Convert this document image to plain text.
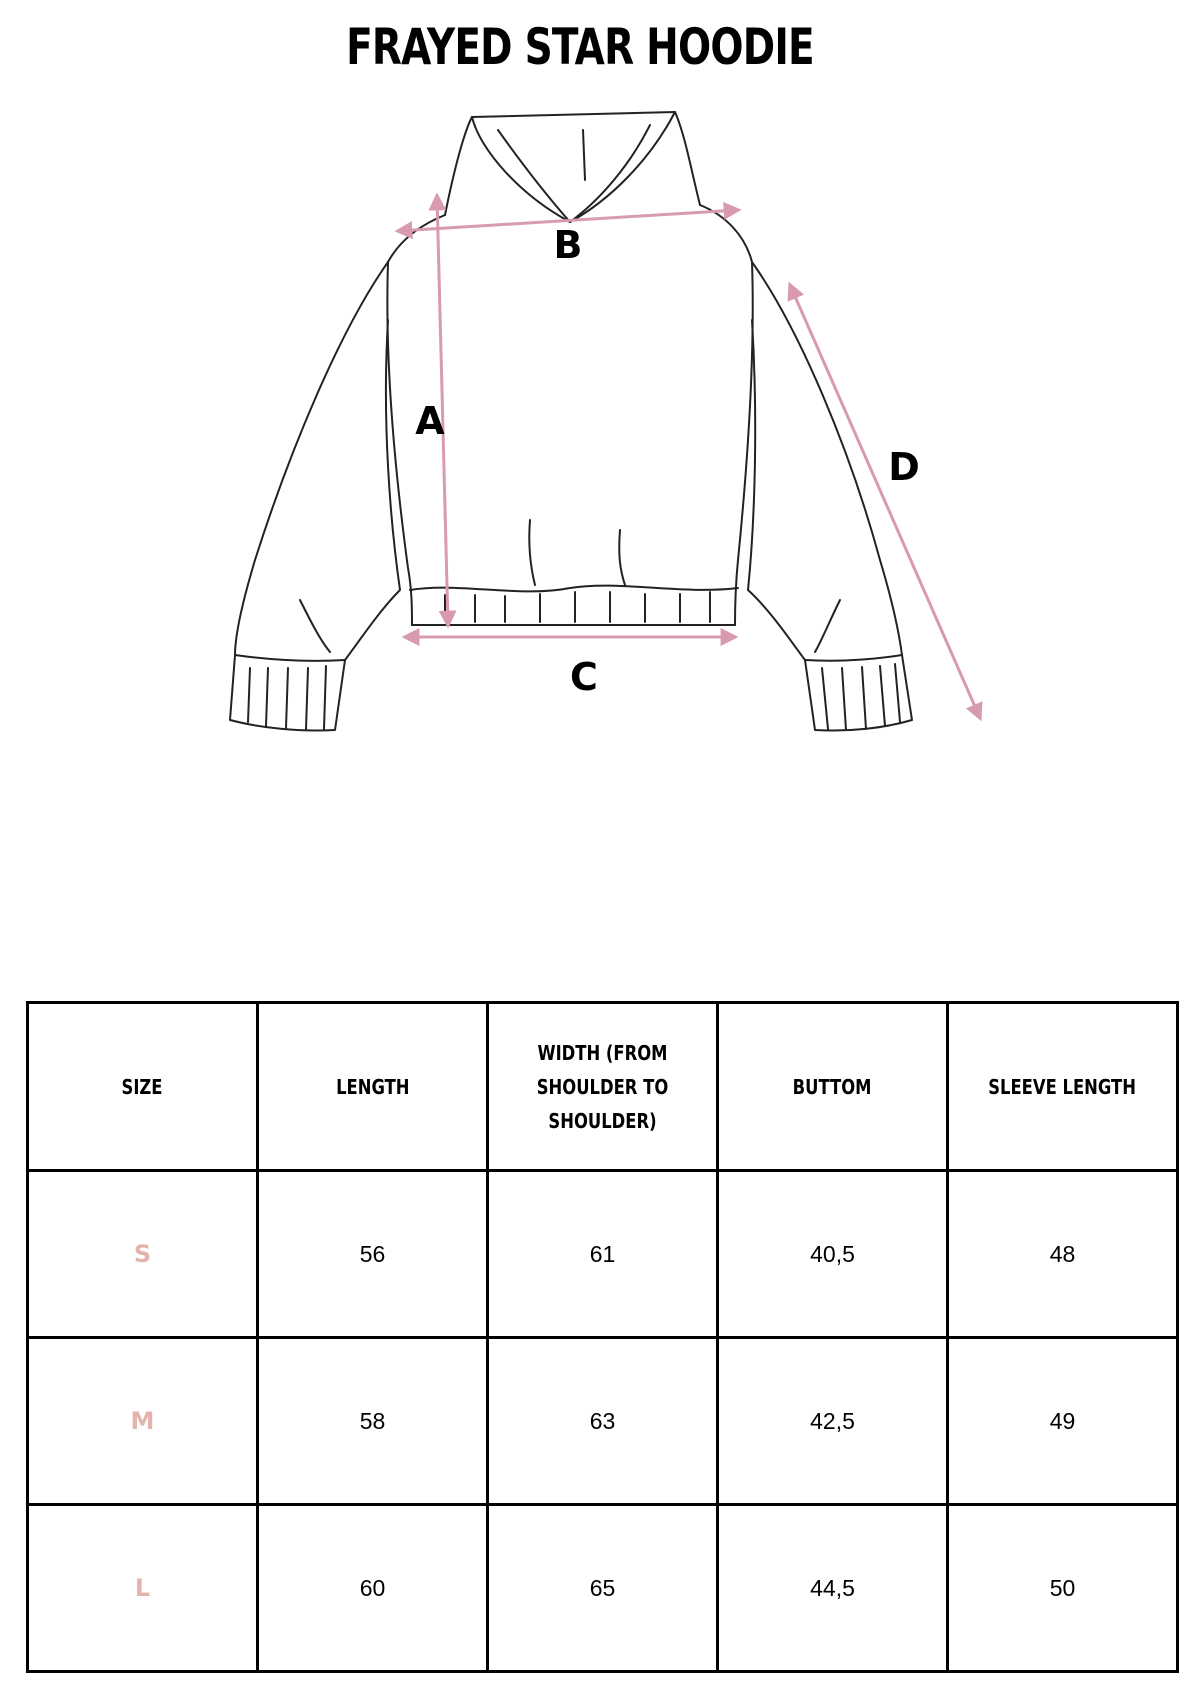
FRAYED STAR HOODIE
A
B
C
D
SIZE	LENGTH	WIDTH (FROM SHOULDER TO SHOULDER)	BUTTOM	SLEEVE LENGTH
S	56	61	40,5	48
M	58	63	42,5	49
L	60	65	44,5	50
